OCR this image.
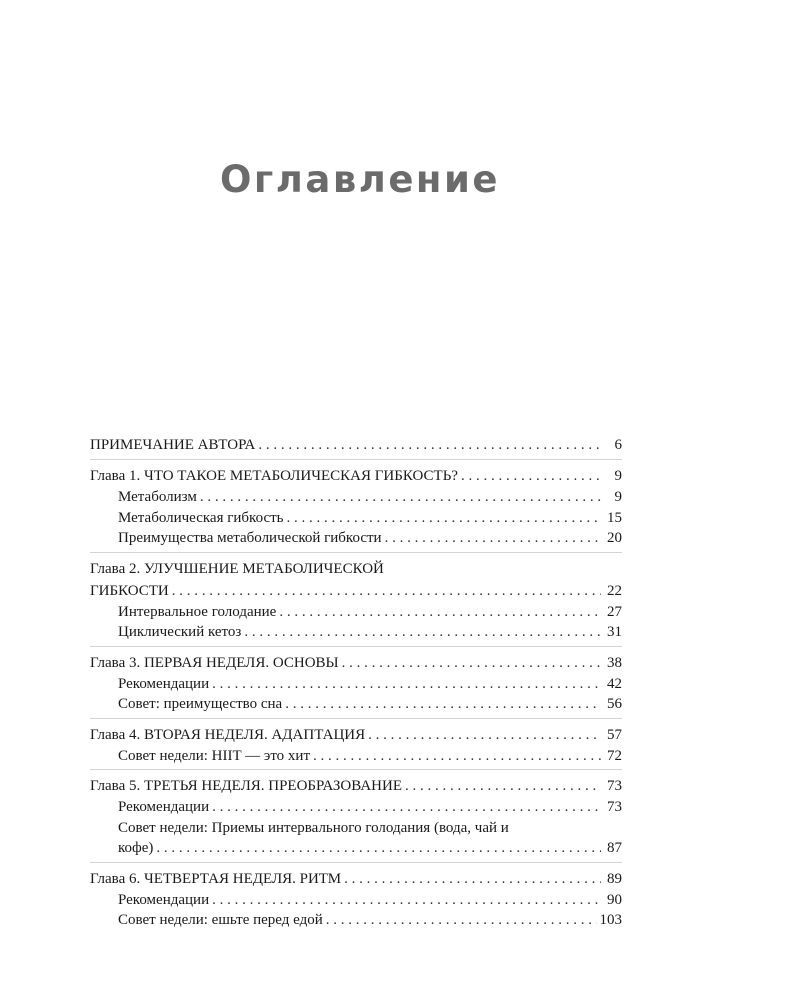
Оглавление
ПРИМЕЧАНИЕ АВТОРА . . .	6
Глава 1. ЧТО ТАКОЕ МЕТАБОЛИЧЕСКАЯ ГИБКОСТЬ? . . .	9
Метаболизм . . .	9
Метаболическая гибкость . . .	15
Преимущества метаболической гибкости . . .	20
Глава 2. УЛУЧШЕНИЕ МЕТАБОЛИЧЕСКОЙ
ГИБКОСТИ . . .	22
Интервальное голодание . . .	27
Циклический кетоз . . .	31
Глава 3. ПЕРВАЯ НЕДЕЛЯ. ОСНОВЫ . . .	38
Рекомендации . . .	42
Совет: преимущество сна . . .	56
Глава 4. ВТОРАЯ НЕДЕЛЯ. АДАПТАЦИЯ . . .	57
Совет недели: HIIT — это хит . . .	72
Глава 5. ТРЕТЬЯ НЕДЕЛЯ. ПРЕОБРАЗОВАНИЕ . . .	73
Рекомендации . . .	73
Совет недели: Приемы интервального голодания (вода, чай и
кофе) . . .	87
Глава 6. ЧЕТВЕРТАЯ НЕДЕЛЯ. РИТМ . . .	89
Рекомендации . . .	90
Совет недели: ешьте перед едой . . .	103
